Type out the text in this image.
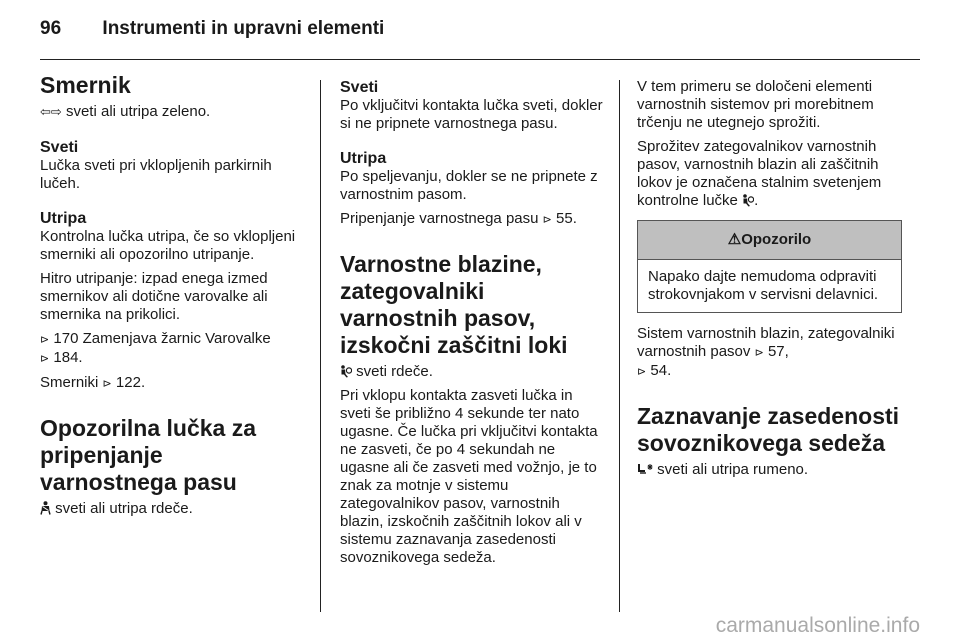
96 Instrumenti in upravni elementi
Smernik

⇦⇨ sveti ali utripa zeleno.

Sveti

Lučka sveti pri vklopljenih parkirnih lučeh.

Utripa

Kontrolna lučka utripa, če so vklopljeni smerniki ali opozorilno utripanje.

Hitro utripanje: izpad enega izmed smernikov ali dotične varovalke ali smernika na prikolici.

⊳ 170 Zamenjava žarnic Varovalke
⊳ 184.

Smerniki ⊳ 122.

Opozorilna lučka za pripenjanje varnostnega pasu

sveti ali utripa rdeče.

Sveti

Po vključitvi kontakta lučka sveti, dokler si ne pripnete varnostnega pasu.

Utripa

Po speljevanju, dokler se ne pripnete z varnostnim pasom.

Pripenjanje varnostnega pasu ⊳ 55.

Varnostne blazine, zategovalniki varnostnih pasov, izskočni zaščitni loki

sveti rdeče.

Pri vklopu kontakta zasveti lučka in sveti še približno 4 sekunde ter nato ugasne. Če lučka pri vključitvi kontakta ne zasveti, če po 4 sekundah ne ugasne ali če zasveti med vožnjo, je to znak za motnje v sistemu zategovalnikov pasov, varnostnih blazin, izskočnih zaščitnih lokov ali v sistemu zaznavanja zasedenosti sovoznikovega sedeža.

V tem primeru se določeni elementi varnostnih sistemov pri morebitnem trčenju ne utegnejo sprožiti.

Sprožitev zategovalnikov varnostnih pasov, varnostnih blazin ali zaščitnih lokov je označena stalnim svetenjem kontrolne lučke .

⚠Opozorilo
Napako dajte nemudoma odpraviti strokovnjakom v servisni delavnici.

Sistem varnostnih blazin, zategovalniki varnostnih pasov ⊳ 57,
⊳ 54.

Zaznavanje zasedenosti sovoznikovega sedeža

sveti ali utripa rumeno.

carmanualsonline.info
